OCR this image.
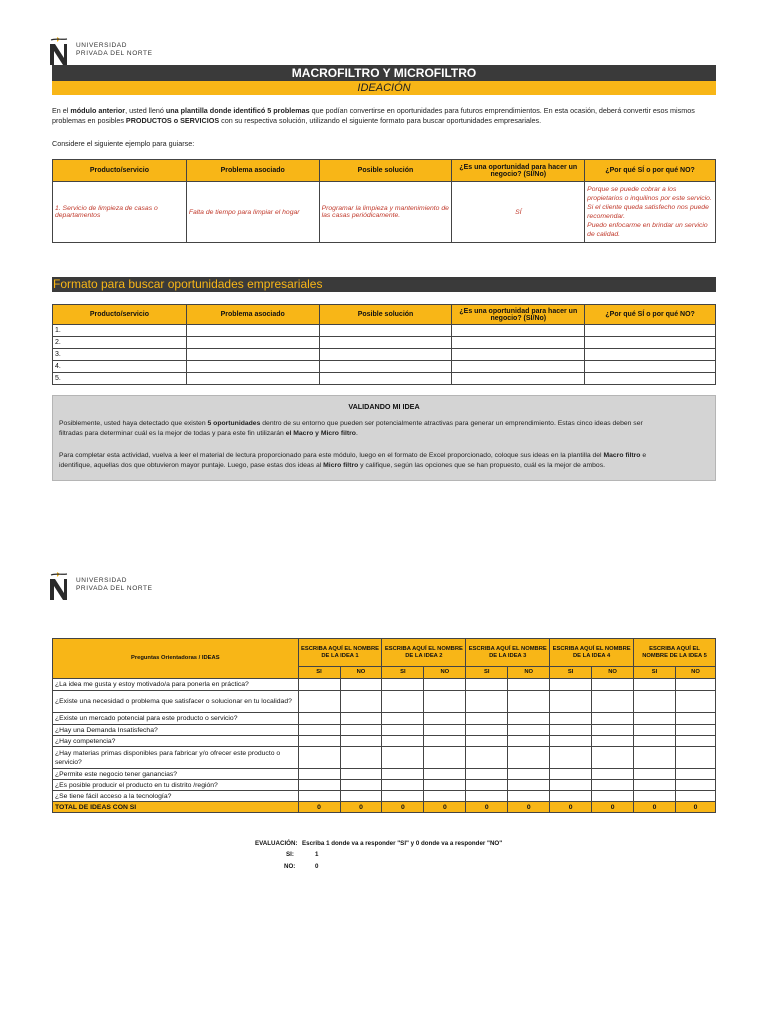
UNIVERSIDAD
PRIVADA DEL NORTE
MACROFILTRO Y MICROFILTRO
IDEACIÓN
En el módulo anterior, usted llenó una plantilla donde identificó 5 problemas que podían convertirse en oportunidades para futuros emprendimientos. En esta ocasión, deberá convertir esos mismos
problemas en posibles PRODUCTOS o SERVICIOS con su respectiva solución, utilizando el siguiente formato para buscar oportunidades empresariales.
Considere el siguiente ejemplo para guiarse:
Producto/servicio	Problema asociado	Posible solución	¿Es una oportunidad para hacer un negocio? (SI/No)	¿Por qué SÍ o por qué NO?
1. Servicio de limpieza de casas o departamentos	Falta de tiempo para limpiar el hogar	Programar la limpieza y mantenimiento de las casas periódicamente.	SÍ	Porque se puede cobrar a los propietarios o inquilinos por este servicio.
Si el cliente queda satisfecho nos puede recomendar.
Puedo enfocarme en brindar un servicio de calidad.
Formato para buscar oportunidades empresariales
Producto/servicio	Problema asociado	Posible solución	¿Es una oportunidad para hacer un negocio? (SI/No)	¿Por qué SÍ o por qué NO?
1.				
2.				
3.				
4.				
5.				
VALIDANDO MI IDEA
Posiblemente, usted haya detectado que existen 5 oportunidades dentro de su entorno que pueden ser potencialmente atractivas para generar un emprendimiento. Estas cinco ideas deben ser
filtradas para determinar cuál es la mejor de todas y para este fin utilizarán el Macro y Micro filtro.
Para completar esta actividad, vuelva a leer el material de lectura proporcionado para este módulo, luego en el formato de Excel proporcionado, coloque sus ideas en la plantilla del Macro filtro e
identifique, aquellas dos que obtuvieron mayor puntaje. Luego, pase estas dos ideas al Micro filtro y califique, según las opciones que se han propuesto, cuál es la mejor de ambos.
UNIVERSIDAD
PRIVADA DEL NORTE
Preguntas Orientadoras / IDEAS	ESCRIBA AQUÍ EL NOMBRE DE LA IDEA 1		ESCRIBA AQUÍ EL NOMBRE DE LA IDEA 2		ESCRIBA AQUÍ EL NOMBRE DE LA IDEA 3		ESCRIBA AQUÍ EL NOMBRE DE LA IDEA 4		ESCRIBA AQUÍ EL NOMBRE DE LA IDEA 5	
	SI	NO	SI	NO	SI	NO	SI	NO	SI	NO
¿La idea me gusta y estoy motivado/a para ponerla en práctica?										
¿Existe una necesidad o problema que satisfacer o solucionar en tu localidad?										
¿Existe un mercado potencial para este producto o servicio?										
¿Hay una Demanda Insatisfecha?										
¿Hay competencia?										
¿Hay materias primas disponibles para fabricar y/o ofrecer este producto o servicio?										
¿Permite este negocio tener ganancias?										
¿Es posible producir el producto en tu distrito /región?										
¿Se tiene fácil acceso a la tecnología?										
TOTAL DE IDEAS CON SI	0	0	0	0	0	0	0	0	0	0
EVALUACIÓN: Escriba 1 donde va a responder "SI" y 0 donde va a responder "NO"
SI:	1
NO:	0
